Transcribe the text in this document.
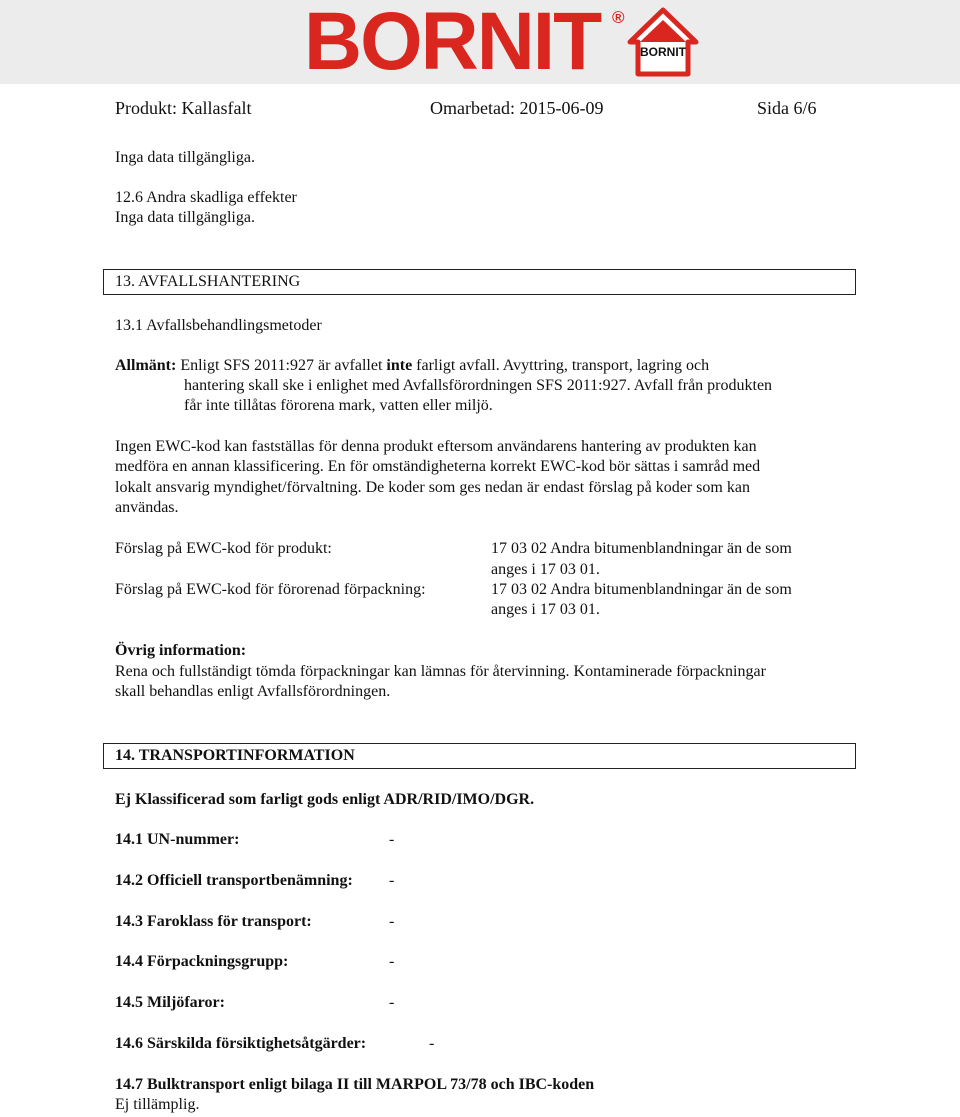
BORNIT ®
BORNIT
Produkt: Kallasfalt	Omarbetad: 2015-06-09	Sida 6/6
Inga data tillgängliga.
12.6 Andra skadliga effekter
Inga data tillgängliga.
13. AVFALLSHANTERING
13.1 Avfallsbehandlingsmetoder
Allmänt: Enligt SFS 2011:927 är avfallet inte farligt avfall. Avyttring, transport, lagring och
hantering skall ske i enlighet med Avfallsförordningen SFS 2011:927. Avfall från produkten
får inte tillåtas förorena mark, vatten eller miljö.
Ingen EWC-kod kan fastställas för denna produkt eftersom användarens hantering av produkten kan
medföra en annan klassificering. En för omständigheterna korrekt EWC-kod bör sättas i samråd med
lokalt ansvarig myndighet/förvaltning. De koder som ges nedan är endast förslag på koder som kan
användas.
Förslag på EWC-kod för produkt:	17 03 02 Andra bitumenblandningar än de som
anges i 17 03 01.
Förslag på EWC-kod för förorenad förpackning:	17 03 02 Andra bitumenblandningar än de som
anges i 17 03 01.
Övrig information:
Rena och fullständigt tömda förpackningar kan lämnas för återvinning. Kontaminerade förpackningar
skall behandlas enligt Avfallsförordningen.
14. TRANSPORTINFORMATION
Ej Klassificerad som farligt gods enligt ADR/RID/IMO/DGR.
14.1 UN-nummer:	-
14.2 Officiell transportbenämning: -
14.3 Faroklass för transport:	-
14.4 Förpackningsgrupp:	-
14.5 Miljöfaror:	-
14.6 Särskilda försiktighetsåtgärder:	-
14.7 Bulktransport enligt bilaga II till MARPOL 73/78 och IBC-koden
Ej tillämplig.
